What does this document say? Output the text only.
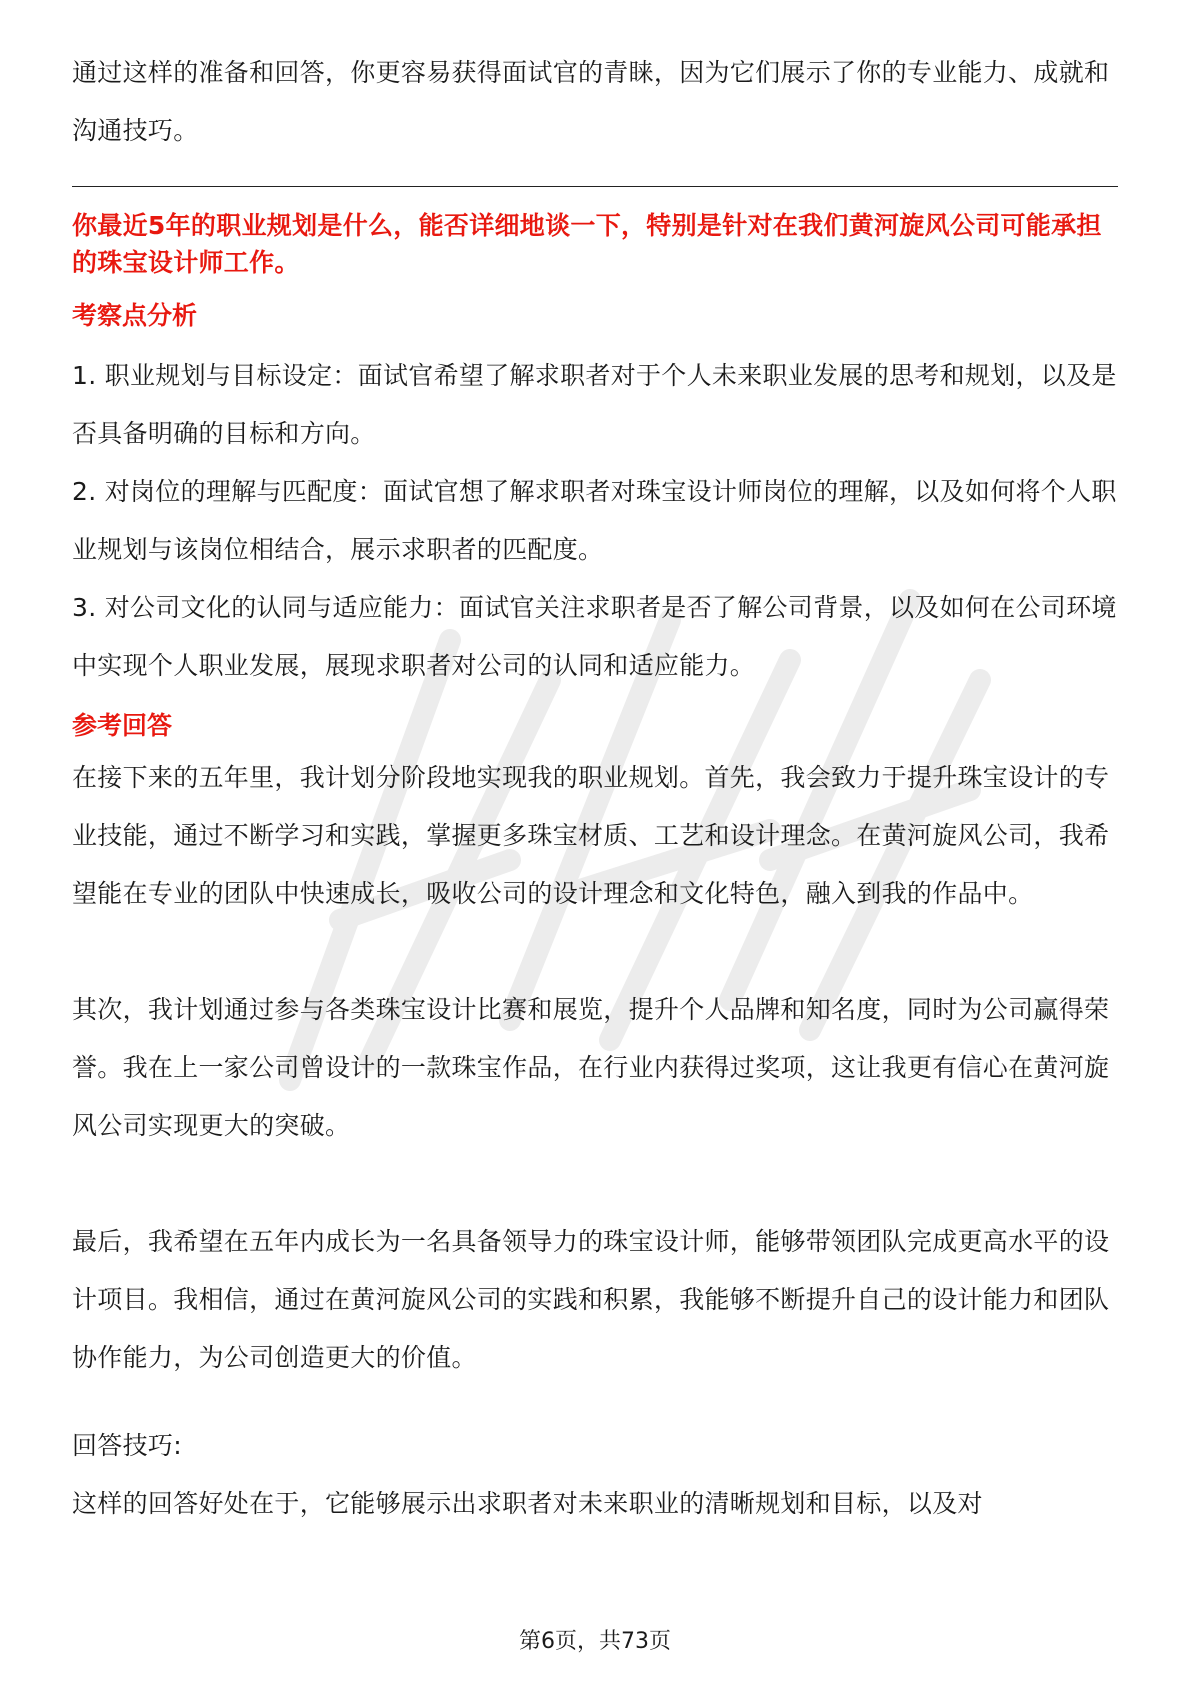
通过这样的准备和回答，你更容易获得面试官的青睐，因为它们展示了你的专业能力、成就和沟通技巧。

你最近5年的职业规划是什么，能否详细地谈一下，特别是针对在我们黄河旋风公司可能承担的珠宝设计师工作。
考察点分析

1. 职业规划与目标设定：面试官希望了解求职者对于个人未来职业发展的思考和规划，以及是否具备明确的目标和方向。

2. 对岗位的理解与匹配度：面试官想了解求职者对珠宝设计师岗位的理解，以及如何将个人职业规划与该岗位相结合，展示求职者的匹配度。

3. 对公司文化的认同与适应能力：面试官关注求职者是否了解公司背景，以及如何在公司环境中实现个人职业发展，展现求职者对公司的认同和适应能力。

参考回答

在接下来的五年里，我计划分阶段地实现我的职业规划。首先，我会致力于提升珠宝设计的专业技能，通过不断学习和实践，掌握更多珠宝材质、工艺和设计理念。在黄河旋风公司，我希望能在专业的团队中快速成长，吸收公司的设计理念和文化特色，融入到我的作品中。

其次，我计划通过参与各类珠宝设计比赛和展览，提升个人品牌和知名度，同时为公司赢得荣誉。我在上一家公司曾设计的一款珠宝作品，在行业内获得过奖项，这让我更有信心在黄河旋风公司实现更大的突破。

最后，我希望在五年内成长为一名具备领导力的珠宝设计师，能够带领团队完成更高水平的设计项目。我相信，通过在黄河旋风公司的实践和积累，我能够不断提升自己的设计能力和团队协作能力，为公司创造更大的价值。

回答技巧:

这样的回答好处在于，它能够展示出求职者对未来职业的清晰规划和目标，以及对

第6页，共73页
